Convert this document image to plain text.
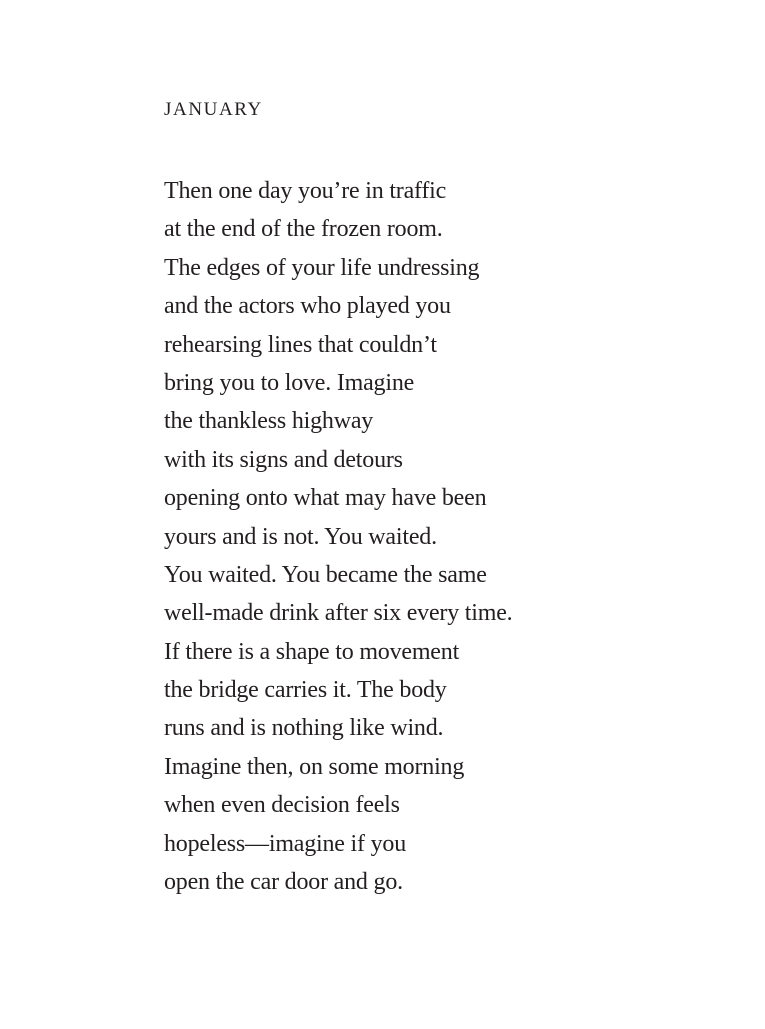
JANUARY
Then one day you’re in traffic
at the end of the frozen room.
The edges of your life undressing
and the actors who played you
rehearsing lines that couldn’t
bring you to love. Imagine
the thankless highway
with its signs and detours
opening onto what may have been
yours and is not. You waited.
You waited. You became the same
well-made drink after six every time.
If there is a shape to movement
the bridge carries it. The body
runs and is nothing like wind.
Imagine then, on some morning
when even decision feels
hopeless—imagine if you
open the car door and go.
